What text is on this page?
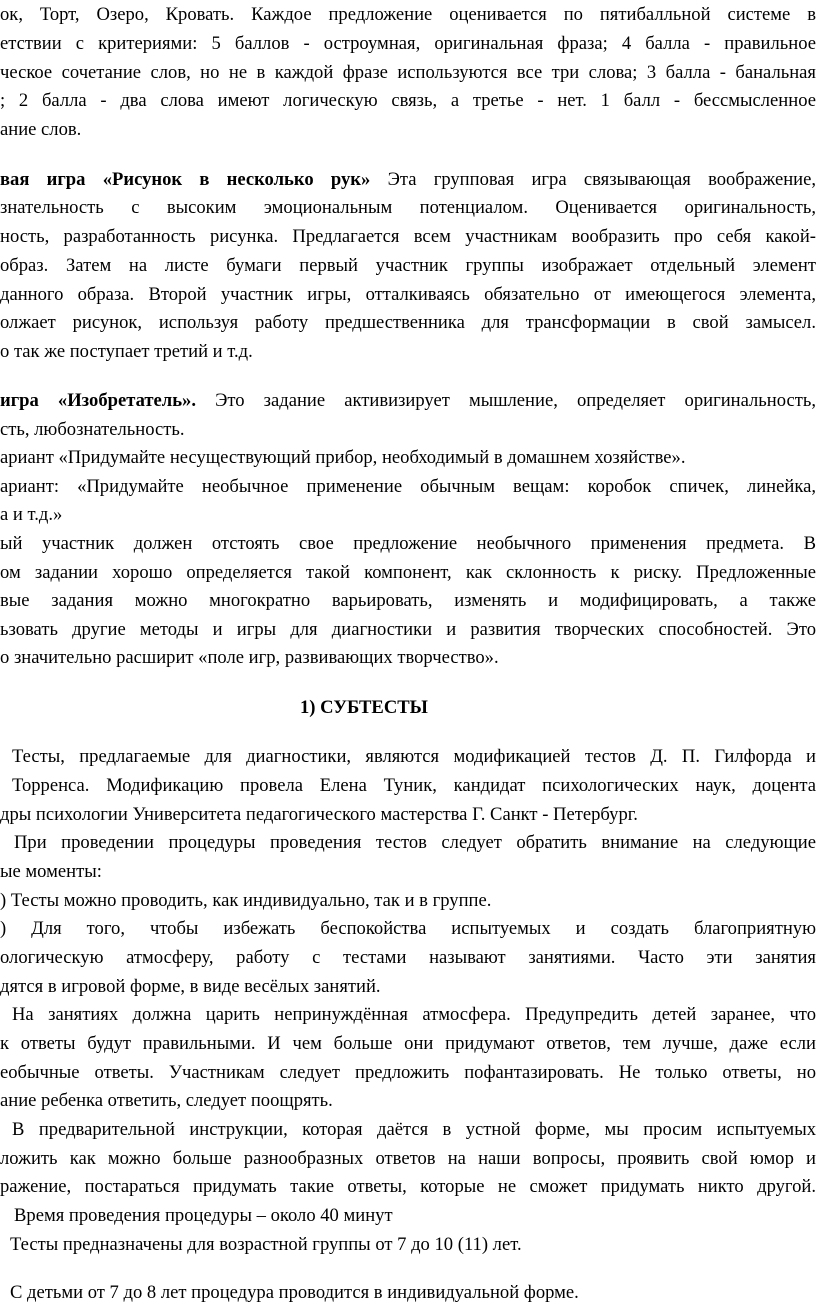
ок, Торт, Озеро, Кровать. Каждое предложение оценивается по пятибалльной системе в
етствии с критериями: 5 баллов - остроумная, оригинальная фраза; 4 балла - правильное
ческое сочетание слов, но не в каждой фразе используются все три слова; 3 балла - банальная
; 2 балла - два слова имеют логическую связь, а третье - нет. 1 балл - бессмысленное
ание слов.
вая игра «Рисунок в несколько рук» Эта групповая игра связывающая воображение,
знательность с высоким эмоциональным потенциалом. Оценивается оригинальность,
ность, разработанность рисунка. Предлагается всем участникам вообразить про себя какой-
образ. Затем на листе бумаги первый участник группы изображает отдельный элемент
данного образа. Второй участник игры, отталкиваясь обязательно от имеющегося элемента,
олжает рисунок, используя работу предшественника для трансформации в свой замысел.
о так же поступает третий и т.д.
игра «Изобретатель». Это задание активизирует мышление, определяет оригинальность,
сть, любознательность.
ариант «Придумайте несуществующий прибор, необходимый в домашнем хозяйстве».
ариант: «Придумайте необычное применение обычным вещам: коробок спичек, линейка,
а и т.д.»
ый участник должен отстоять свое предложение необычного применения предмета. В
ом задании хорошо определяется такой компонент, как склонность к риску. Предложенные
вые задания можно многократно варьировать, изменять и модифицировать, а также
ьзовать другие методы и игры для диагностики и развития творческих способностей. Это
о значительно расширит «поле игр, развивающих творчество».
1) СУБТЕСТЫ
Тесты, предлагаемые для диагностики, являются модификацией тестов Д. П. Гилфорда и
Торренса. Модификацию провела Елена Туник, кандидат психологических наук, доцента
дры психологии Университета педагогического мастерства Г. Санкт - Петербург.
При проведении процедуры проведения тестов следует обратить внимание на следующие
ые моменты:
) Тесты можно проводить, как индивидуально, так и в группе.
) Для того, чтобы избежать беспокойства испытуемых и создать благоприятную
ологическую атмосферу, работу с тестами называют занятиями. Часто эти занятия
дятся в игровой форме, в виде весёлых занятий.
На занятиях должна царить непринуждённая атмосфера. Предупредить детей заранее, что
к ответы будут правильными. И чем больше они придумают ответов, тем лучше, даже если
еобычные ответы. Участникам следует предложить пофантазировать. Не только ответы, но
ание ребенка ответить, следует поощрять.
В предварительной инструкции, которая даётся в устной форме, мы просим испытуемых
ложить как можно больше разнообразных ответов на наши вопросы, проявить свой юмор и
ражение, постараться придумать такие ответы, которые не сможет придумать никто другой.
Время проведения процедуры – около 40 минут
Тесты предназначены для возрастной группы от 7 до 10 (11) лет.
С детьми от 7 до 8 лет процедура проводится в индивидуальной форме.
